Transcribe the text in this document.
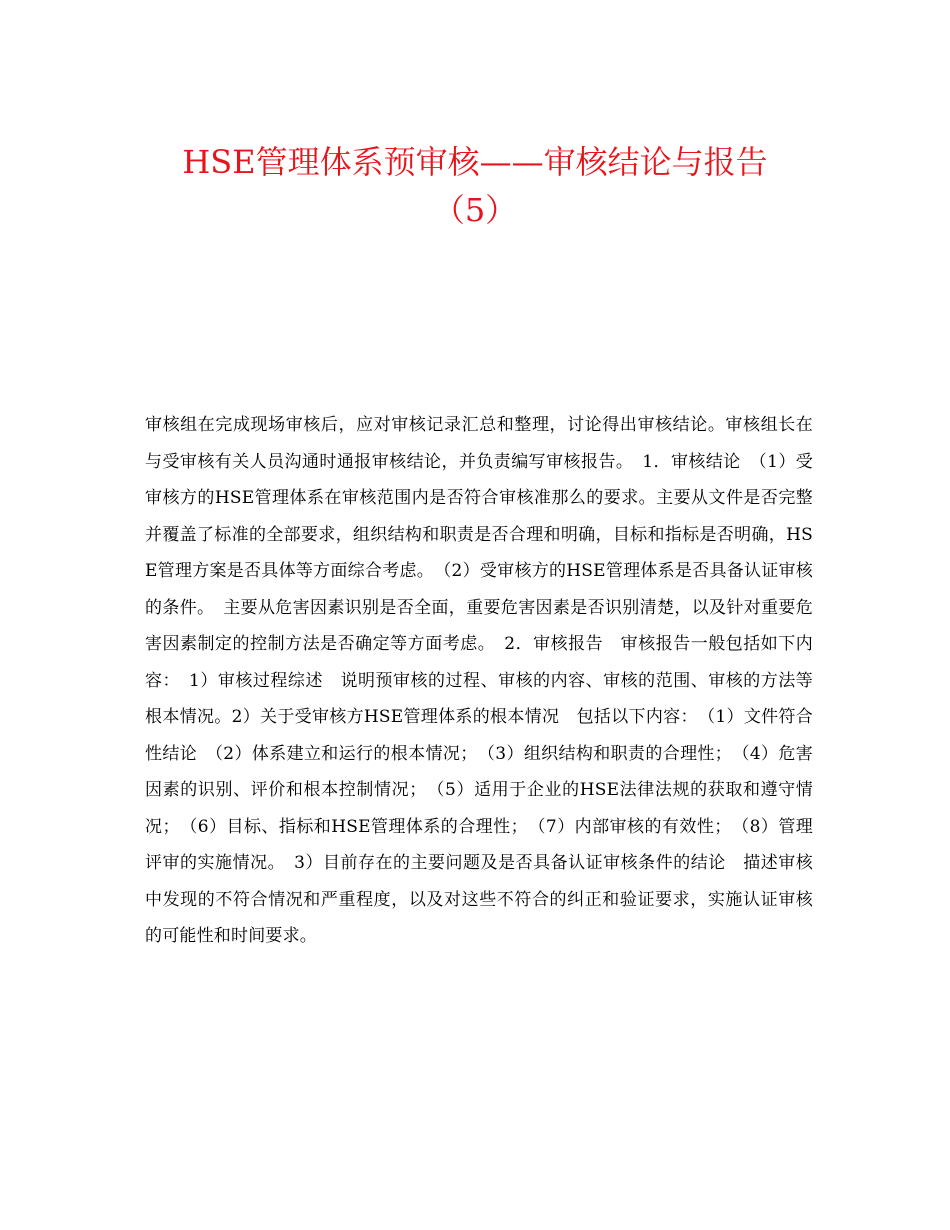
HSE管理体系预审核——审核结论与报告
（5）

审核组在完成现场审核后，应对审核记录汇总和整理，讨论得出审核结论。审核组长在与受审核有关人员沟通时通报审核结论，并负责编写审核报告。　1．审核结论　（1）受审核方的HSE管理体系在审核范围内是否符合审核准那么的要求。主要从文件是否完整并覆盖了标准的全部要求，组织结构和职责是否合理和明确，目标和指标是否明确，HSE管理方案是否具体等方面综合考虑。　（2）受审核方的HSE管理体系是否具备认证审核的条件。　主要从危害因素识别是否全面，重要危害因素是否识别清楚，以及针对重要危害因素制定的控制方法是否确定等方面考虑。　2．审核报告　审核报告一般包括如下内容：　1）审核过程综述　说明预审核的过程、审核的内容、审核的范围、审核的方法等根本情况。2）关于受审核方HSE管理体系的根本情况　包括以下内容：　（1）文件符合性结论　（2）体系建立和运行的根本情况；　（3）组织结构和职责的合理性；　（4）危害因素的识别、评价和根本控制情况；　（5）适用于企业的HSE法律法规的获取和遵守情况；　（6）目标、指标和HSE管理体系的合理性；　（7）内部审核的有效性；　（8）管理评审的实施情况。　3）目前存在的主要问题及是否具备认证审核条件的结论　描述审核中发现的不符合情况和严重程度，以及对这些不符合的纠正和验证要求，实施认证审核的可能性和时间要求。
